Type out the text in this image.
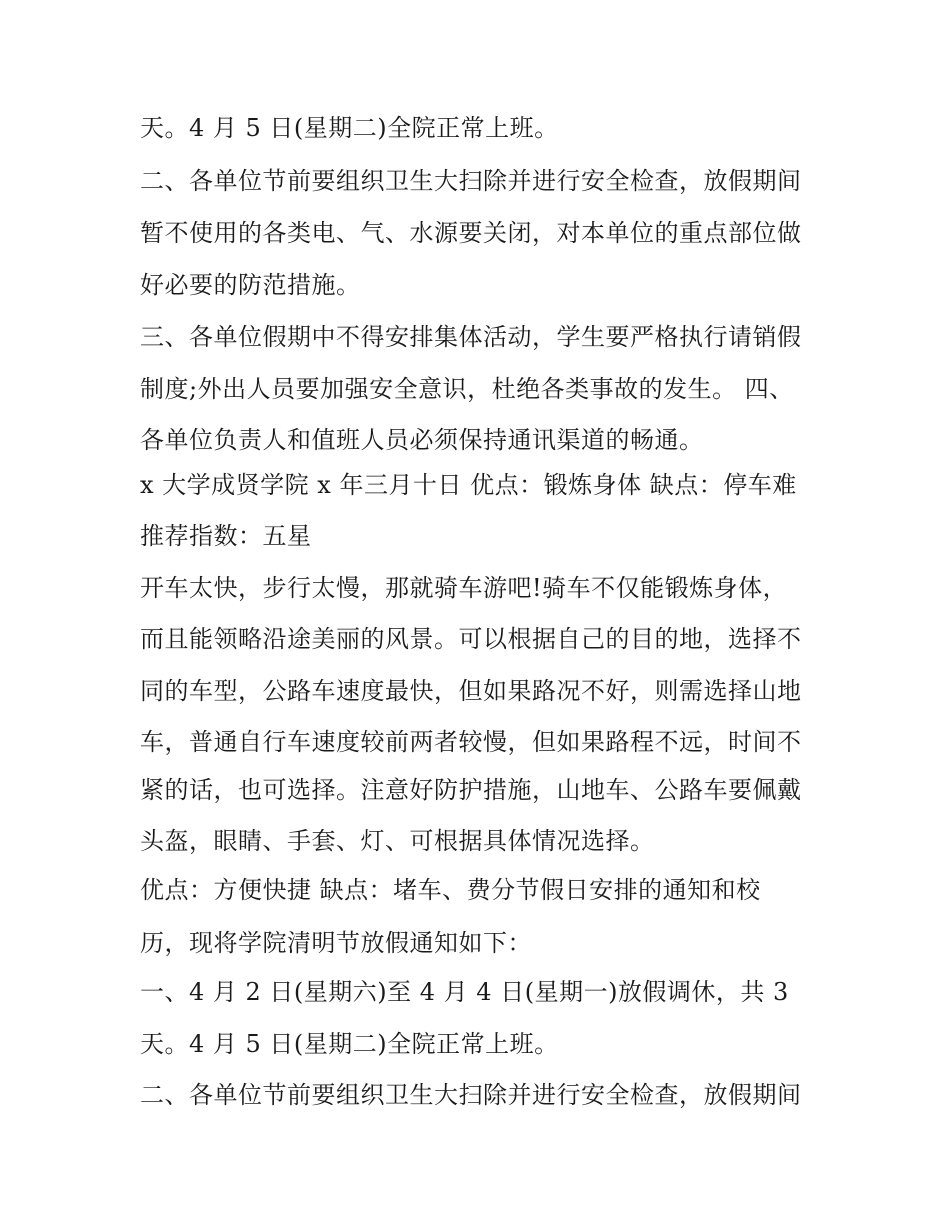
天。4 月 5 日(星期二)全院正常上班。
二、各单位节前要组织卫生大扫除并进行安全检查，放假期间
暂不使用的各类电、气、水源要关闭，对本单位的重点部位做
好必要的防范措施。
三、各单位假期中不得安排集体活动，学生要严格执行请销假
制度;外出人员要加强安全意识，杜绝各类事故的发生。 四、
各单位负责人和值班人员必须保持通讯渠道的畅通。
x 大学成贤学院 x 年三月十日 优点：锻炼身体 缺点：停车难
推荐指数：五星
开车太快，步行太慢，那就骑车游吧!骑车不仅能锻炼身体，
而且能领略沿途美丽的风景。可以根据自己的目的地，选择不
同的车型，公路车速度最快，但如果路况不好，则需选择山地
车，普通自行车速度较前两者较慢，但如果路程不远，时间不
紧的话，也可选择。注意好防护措施，山地车、公路车要佩戴
头盔，眼睛、手套、灯、可根据具体情况选择。
优点：方便快捷 缺点：堵车、费分节假日安排的通知和校
历，现将学院清明节放假通知如下：
一、4 月 2 日(星期六)至 4 月 4 日(星期一)放假调休，共 3
天。4 月 5 日(星期二)全院正常上班。
二、各单位节前要组织卫生大扫除并进行安全检查，放假期间
